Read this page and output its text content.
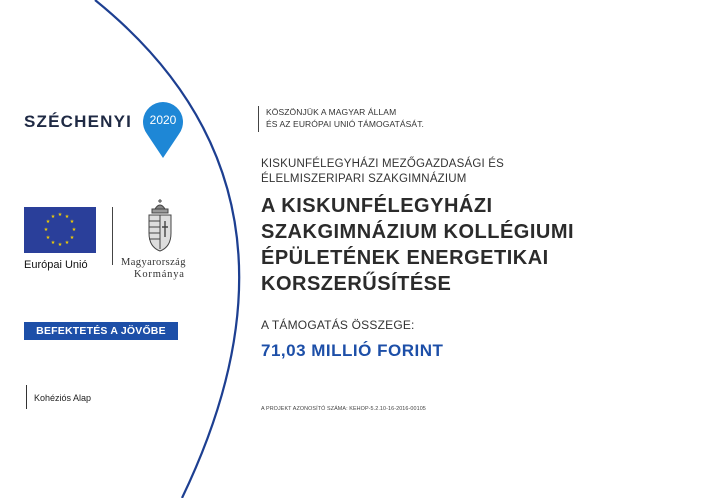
SZÉCHENYI 2020
★ ★
★
★
★
★
★
★
★
★
★
★
Európai Unió	Magyarország
Kormánya
BEFEKTETÉS A JÖVŐBE
Kohéziós Alap
KÖSZÖNJÜK A MAGYAR ÁLLAM
ÉS AZ EURÓPAI UNIÓ TÁMOGATÁSÁT.
KISKUNFÉLEGYHÁZI MEZŐGAZDASÁGI ÉS
ÉLELMISZERIPARI SZAKGIMNÁZIUM
A KISKUNFÉLEGYHÁZI
SZAKGIMNÁZIUM KOLLÉGIUMI
ÉPÜLETÉNEK ENERGETIKAI
KORSZERŰSÍTÉSE
A TÁMOGATÁS ÖSSZEGE:
71,03 MILLIÓ FORINT
A PROJEKT AZONOSÍTÓ SZÁMA: KEHOP-5.2.10-16-2016-00105
